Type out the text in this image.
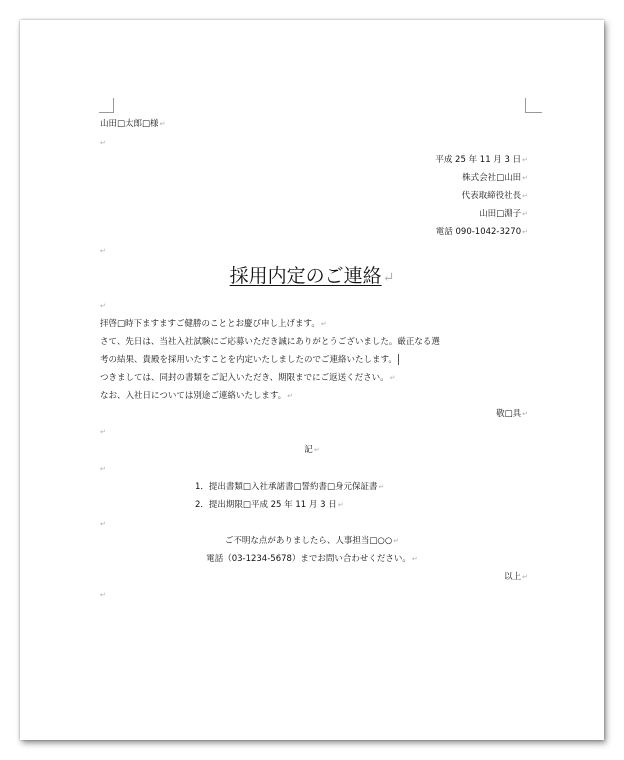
山田□太郎□様↵
↵
平成 25 年 11 月 3 日↵
株式会社□山田↵
代表取締役社長↵
山田□淵子↵
電話 090-1042-3270↵
↵
採用内定のご連絡↵
↵
拝啓□時下ますますご健勝のこととお慶び申し上げます。↵
さて、先日は、当社入社試験にご応募いただき誠にありがとうございました。厳正なる選
考の結果、貴殿を採用いたすことを内定いたしましたのでご連絡いたします。
つきましては、同封の書類をご記入いただき、期限までにご返送ください。↵
なお、入社日については別途ご連絡いたします。↵
敬□具↵
↵
記↵
↵
1．提出書類□入社承諾書□誓約書□身元保証書↵
2．提出期限□平成 25 年 11 月 3 日↵
↵
ご不明な点がありましたら、人事担当□○○↵
電話（03-1234-5678）までお問い合わせください。↵
以上↵
↵
